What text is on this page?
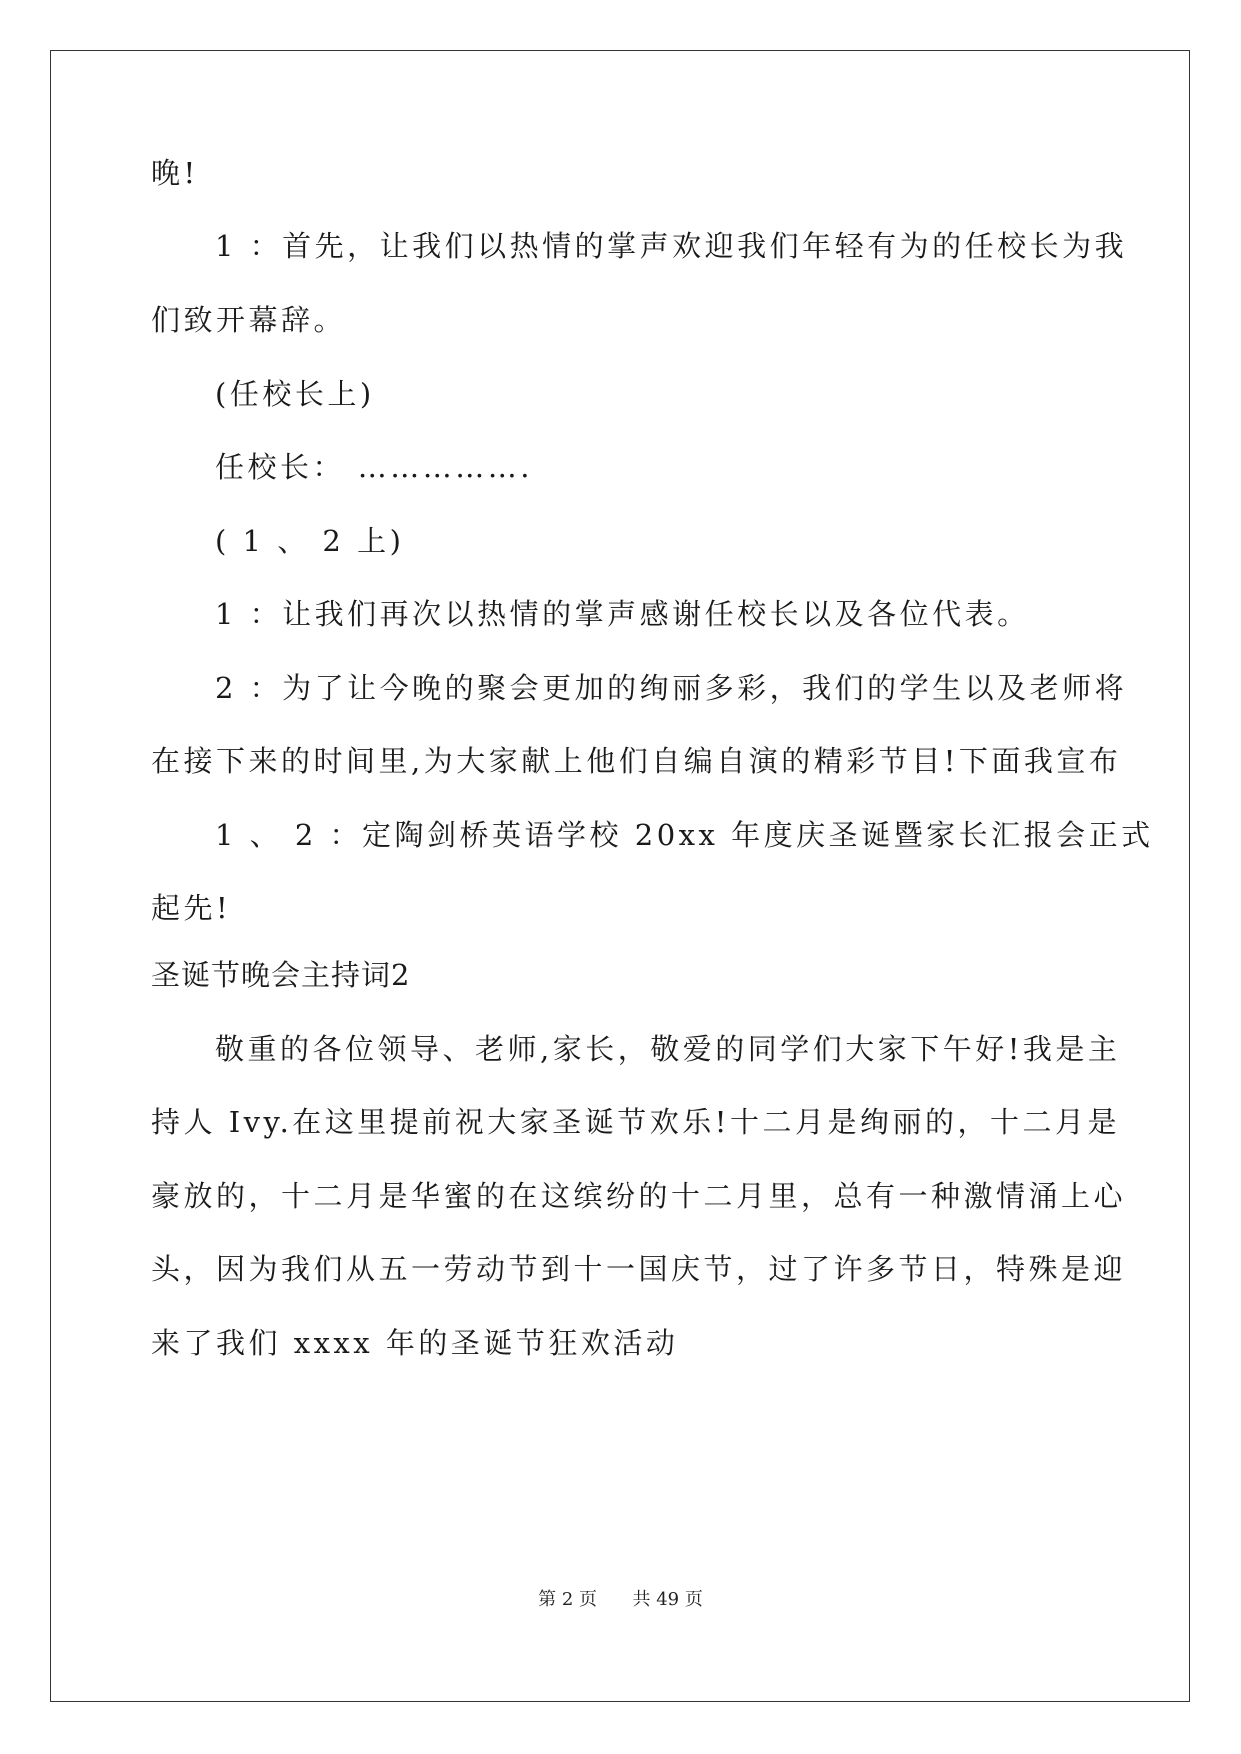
晚!
1 ：首先，让我们以热情的掌声欢迎我们年轻有为的任校长为我
们致开幕辞。
(任校长上)
任校长： …………….
( 1 、 2 上)
1 ：让我们再次以热情的掌声感谢任校长以及各位代表。
2 ：为了让今晚的聚会更加的绚丽多彩，我们的学生以及老师将
在接下来的时间里,为大家献上他们自编自演的精彩节目!下面我宣布
1 、 2 ：定陶剑桥英语学校 20xx 年度庆圣诞暨家长汇报会正式
起先!
圣诞节晚会主持词2
敬重的各位领导、老师,家长，敬爱的同学们大家下午好!我是主
持人 Ivy.在这里提前祝大家圣诞节欢乐!十二月是绚丽的，十二月是
豪放的，十二月是华蜜的在这缤纷的十二月里，总有一种激情涌上心
头，因为我们从五一劳动节到十一国庆节，过了许多节日，特殊是迎
来了我们 xxxx 年的圣诞节狂欢活动
第 2 页 共 49 页
